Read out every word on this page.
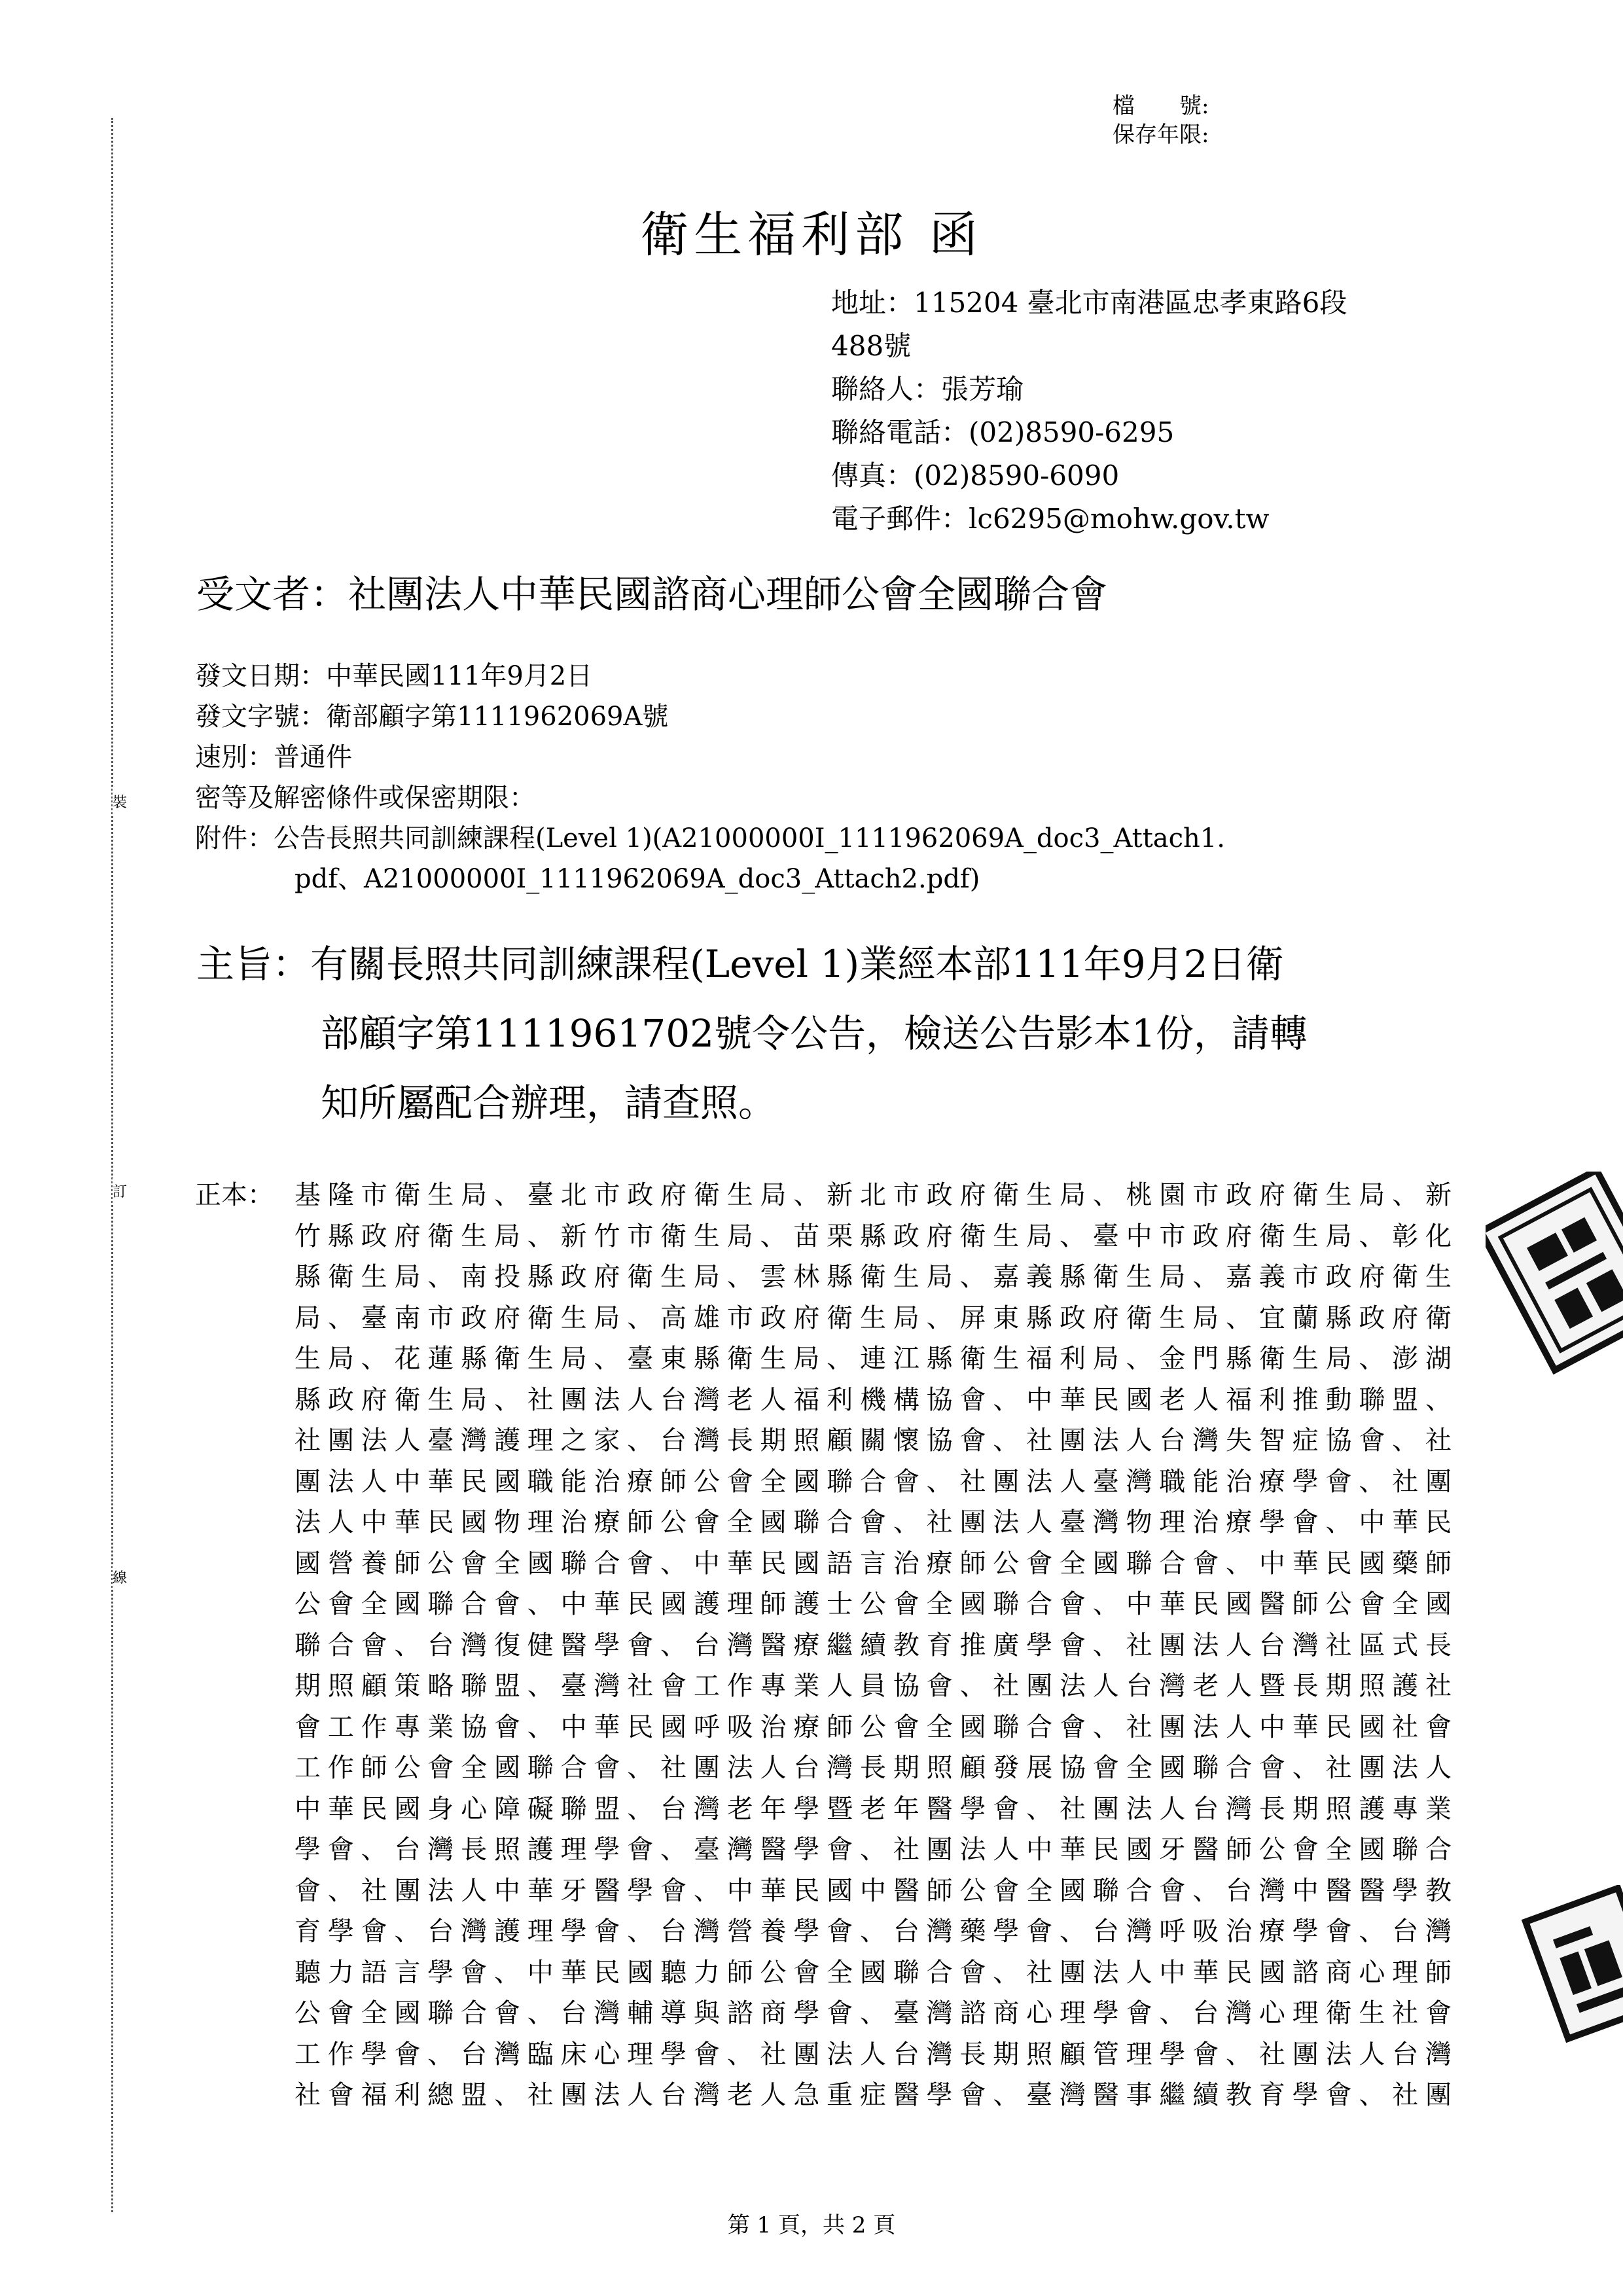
裝
訂
線
檔　　號:
保存年限:
衛生福利部 函
地址：115204 臺北市南港區忠孝東路6段
488號
聯絡人：張芳瑜
聯絡電話：(02)8590-6295
傳真：(02)8590-6090
電子郵件：lc6295@mohw.gov.tw
受文者：社團法人中華民國諮商心理師公會全國聯合會
發文日期：中華民國111年9月2日
發文字號：衛部顧字第1111962069A號
速別：普通件
密等及解密條件或保密期限：
附件：公告長照共同訓練課程(Level 1)(A21000000I_1111962069A_doc3_Attach1.
pdf、A21000000I_1111962069A_doc3_Attach2.pdf)
主旨：有關長照共同訓練課程(Level 1)業經本部111年9月2日衛
部顧字第1111961702號令公告，檢送公告影本1份，請轉
知所屬配合辦理，請查照。
正本： 基隆市衛生局、臺北市政府衛生局、新北市政府衛生局、桃園市政府衛生局、新
竹縣政府衛生局、新竹市衛生局、苗栗縣政府衛生局、臺中市政府衛生局、彰化
縣衛生局、南投縣政府衛生局、雲林縣衛生局、嘉義縣衛生局、嘉義市政府衛生
局、臺南市政府衛生局、高雄市政府衛生局、屏東縣政府衛生局、宜蘭縣政府衛
生局、花蓮縣衛生局、臺東縣衛生局、連江縣衛生福利局、金門縣衛生局、澎湖
縣政府衛生局、社團法人台灣老人福利機構協會、中華民國老人福利推動聯盟、
社團法人臺灣護理之家、台灣長期照顧關懷協會、社團法人台灣失智症協會、社
團法人中華民國職能治療師公會全國聯合會、社團法人臺灣職能治療學會、社團
法人中華民國物理治療師公會全國聯合會、社團法人臺灣物理治療學會、中華民
國營養師公會全國聯合會、中華民國語言治療師公會全國聯合會、中華民國藥師
公會全國聯合會、中華民國護理師護士公會全國聯合會、中華民國醫師公會全國
聯合會、台灣復健醫學會、台灣醫療繼續教育推廣學會、社團法人台灣社區式長
期照顧策略聯盟、臺灣社會工作專業人員協會、社團法人台灣老人暨長期照護社
會工作專業協會、中華民國呼吸治療師公會全國聯合會、社團法人中華民國社會
工作師公會全國聯合會、社團法人台灣長期照顧發展協會全國聯合會、社團法人
中華民國身心障礙聯盟、台灣老年學暨老年醫學會、社團法人台灣長期照護專業
學會、台灣長照護理學會、臺灣醫學會、社團法人中華民國牙醫師公會全國聯合
會、社團法人中華牙醫學會、中華民國中醫師公會全國聯合會、台灣中醫醫學教
育學會、台灣護理學會、台灣營養學會、台灣藥學會、台灣呼吸治療學會、台灣
聽力語言學會、中華民國聽力師公會全國聯合會、社團法人中華民國諮商心理師
公會全國聯合會、台灣輔導與諮商學會、臺灣諮商心理學會、台灣心理衛生社會
工作學會、台灣臨床心理學會、社團法人台灣長期照顧管理學會、社團法人台灣
社會福利總盟、社團法人台灣老人急重症醫學會、臺灣醫事繼續教育學會、社團
第 1 頁，共 2 頁
